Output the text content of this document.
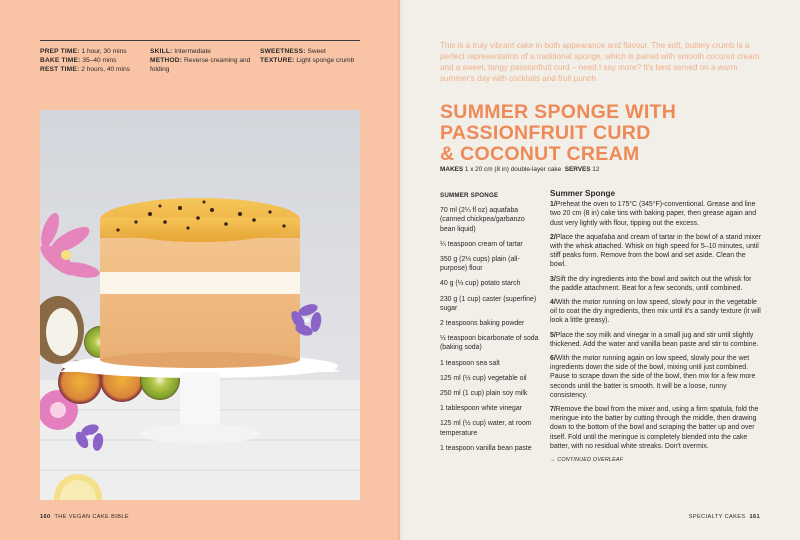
PREP TIME: 1 hour, 30 mins
BAKE TIME: 35–40 mins
REST TIME: 2 hours, 40 mins
SKILL: Intermediate
METHOD: Reverse creaming and folding
SWEETNESS: Sweet
TEXTURE: Light sponge crumb
160 THE VEGAN CAKE BIBLE
This is a truly vibrant cake in both appearance and flavour. The soft, buttery crumb is a perfect representation of a traditional sponge, which is paired with smooth coconut cream and a sweet, tangy passionfruit curd – need I say more? It's best served on a warm summer's day with cocktails and fruit punch.
SUMMER SPONGE WITH
PASSIONFRUIT CURD
& COCONUT CREAM
MAKES 1 x 20 cm (8 in) double-layer cake SERVES 12
SUMMER SPONGE
70 ml (2¼ fl oz) aquafaba (canned chickpea/garbanzo bean liquid)
¼ teaspoon cream of tartar
350 g (2⅓ cups) plain (all-purpose) flour
40 g (⅓ cup) potato starch
230 g (1 cup) caster (superfine) sugar
2 teaspoons baking powder
½ teaspoon bicarbonate of soda (baking soda)
1 teaspoon sea salt
125 ml (½ cup) vegetable oil
250 ml (1 cup) plain soy milk
1 tablespoon white vinegar
125 ml (½ cup) water, at room temperature
1 teaspoon vanilla bean paste
Summer Sponge
1/Preheat the oven to 175°C (345°F)-conventional. Grease and line two 20 cm (8 in) cake tins with baking paper, then grease again and dust very lightly with flour, tipping out the excess.
2/Place the aquafaba and cream of tartar in the bowl of a stand mixer with the whisk attached. Whisk on high speed for 5–10 minutes, until stiff peaks form. Remove from the bowl and set aside. Clean the bowl.
3/Sift the dry ingredients into the bowl and switch out the whisk for the paddle attachment. Beat for a few seconds, until combined.
4/With the motor running on low speed, slowly pour in the vegetable oil to coat the dry ingredients, then mix until it's a sandy texture (it will look a little greasy).
5/Place the soy milk and vinegar in a small jug and stir until slightly thickened. Add the water and vanilla bean paste and stir to combine.
6/With the motor running again on low speed, slowly pour the wet ingredients down the side of the bowl, mixing until just combined. Pause to scrape down the side of the bowl, then mix for a few more seconds until the batter is smooth. It will be a loose, runny consistency.
7/Remove the bowl from the mixer and, using a firm spatula, fold the meringue into the batter by cutting through the middle, then drawing down to the bottom of the bowl and scraping the batter up and over itself. Fold until the meringue is completely blended into the cake batter, with no residual white streaks. Don't overmix.
→ CONTINUED OVERLEAF
SPECIALTY CAKES 161
